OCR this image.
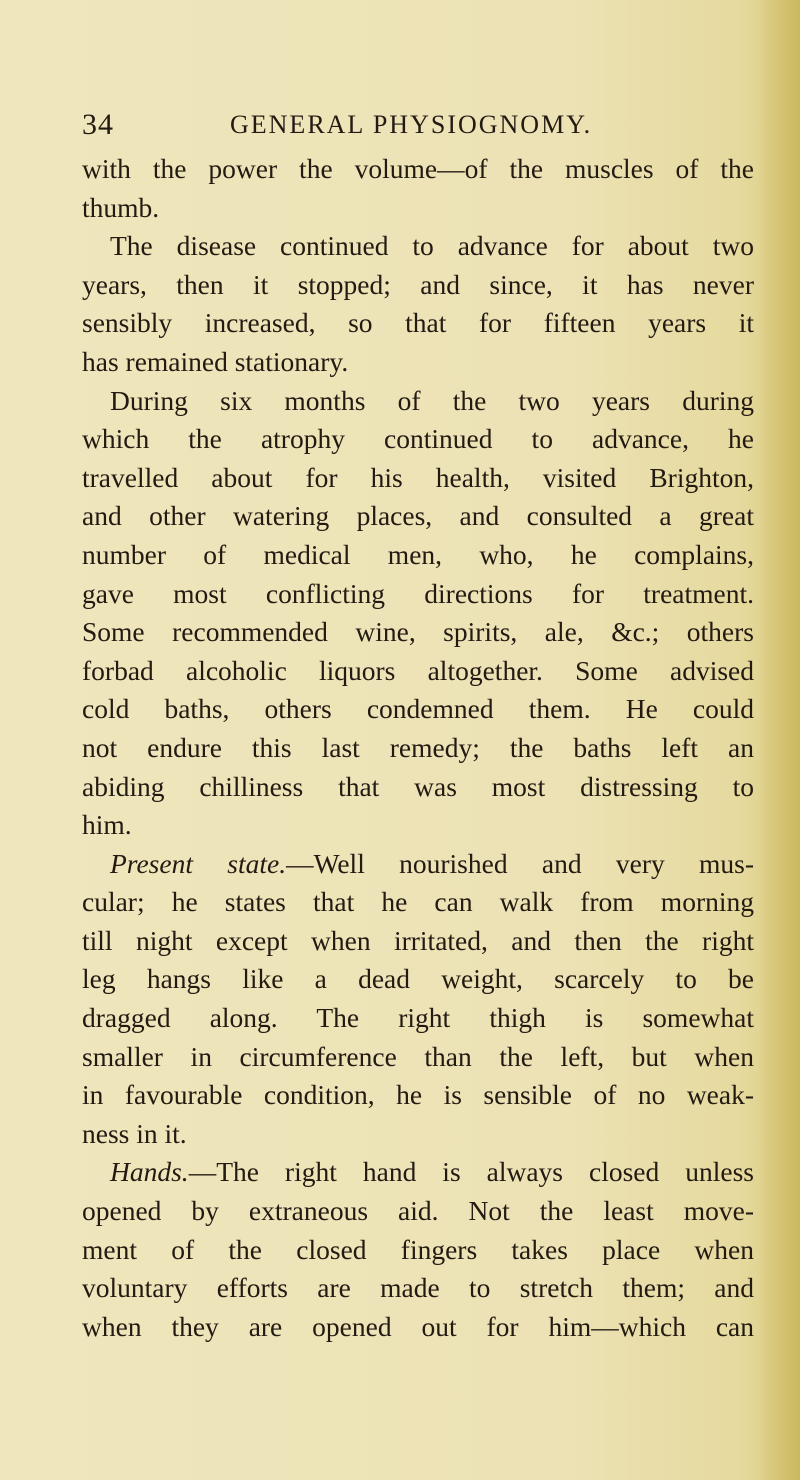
34	GENERAL PHYSIOGNOMY.
with the power the volume—of the muscles of the
thumb.
The disease continued to advance for about two
years, then it stopped; and since, it has never
sensibly increased, so that for fifteen years it
has remained stationary.
During six months of the two years during
which the atrophy continued to advance, he
travelled about for his health, visited Brighton,
and other watering places, and consulted a great
number of medical men, who, he complains,
gave most conflicting directions for treatment.
Some recommended wine, spirits, ale, &c.; others
forbad alcoholic liquors altogether. Some advised
cold baths, others condemned them. He could
not endure this last remedy; the baths left an
abiding chilliness that was most distressing to
him.
Present state.—Well nourished and very mus-
cular; he states that he can walk from morning
till night except when irritated, and then the right
leg hangs like a dead weight, scarcely to be
dragged along. The right thigh is somewhat
smaller in circumference than the left, but when
in favourable condition, he is sensible of no weak-
ness in it.
Hands.—The right hand is always closed unless
opened by extraneous aid. Not the least move-
ment of the closed fingers takes place when
voluntary efforts are made to stretch them; and
when they are opened out for him—which can
